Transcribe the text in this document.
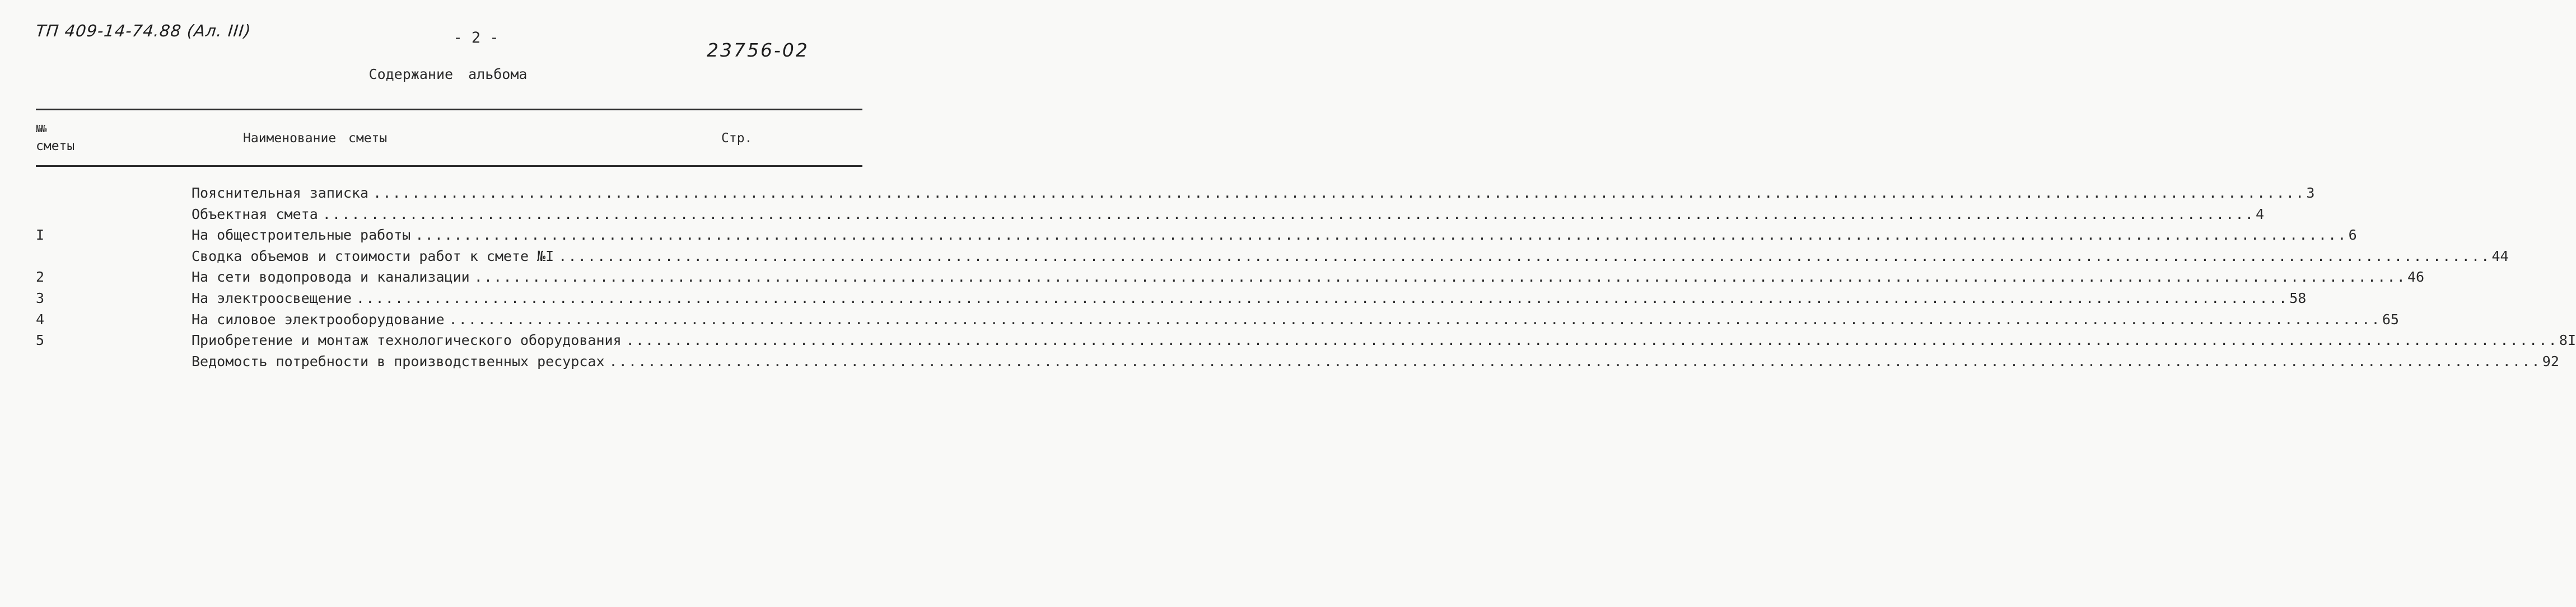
ТП 409-14-74.88 (Ал. III)	- 2 -
23756-02
Содержание альбома
№№
сметы
Наименование сметы	Стр.
Пояснительная записка ........................................................................................................................................................................................................ 3
Объектная смета ........................................................................................................................................................................................................ 4
I	На общестроительные работы ........................................................................................................................................................................................................ 6
Сводка объемов и стоимости работ к смете №I ........................................................................................................................................................................................................ 44
2	На сети водопровода и канализации ........................................................................................................................................................................................................ 46
3	На электроосвещение ........................................................................................................................................................................................................ 58
4	На силовое электрооборудование ........................................................................................................................................................................................................ 65
5	Приобретение и монтаж технологического оборудования ........................................................................................................................................................................................................ 8I
Ведомость потребности в производственных ресурсах ........................................................................................................................................................................................................ 92
